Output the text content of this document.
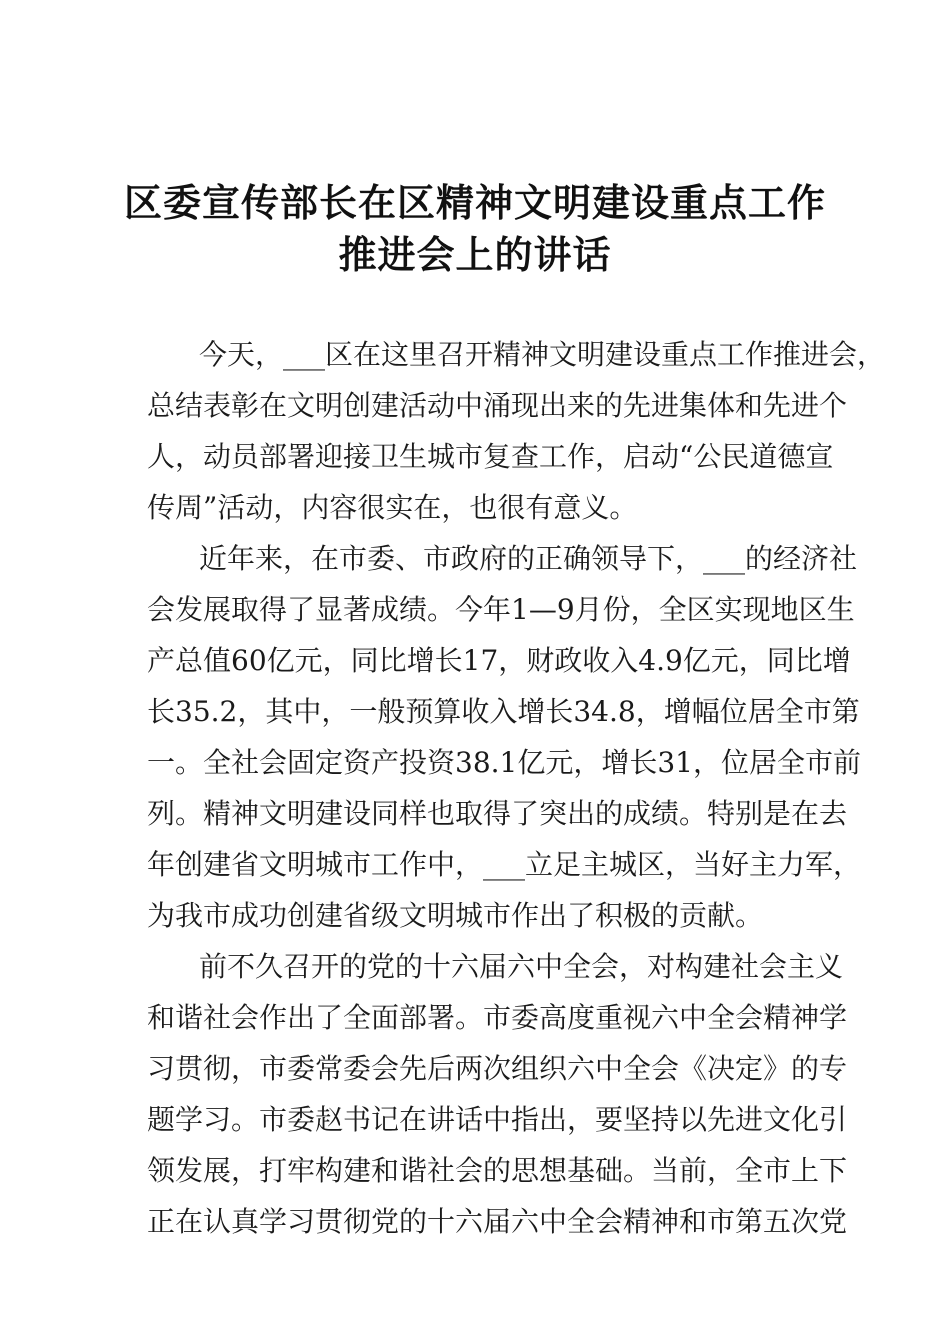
区委宣传部长在区精神文明建设重点工作
推进会上的讲话
今天，___区在这里召开精神文明建设重点工作推进会，
总结表彰在文明创建活动中涌现出来的先进集体和先进个
人，动员部署迎接卫生城市复查工作，启动“公民道德宣
传周”活动，内容很实在，也很有意义。
近年来，在市委、市政府的正确领导下，___的经济社
会发展取得了显著成绩。今年1—9月份，全区实现地区生
产总值60亿元，同比增长17，财政收入4.9亿元，同比增
长35.2，其中，一般预算收入增长34.8，增幅位居全市第
一。全社会固定资产投资38.1亿元，增长31，位居全市前
列。精神文明建设同样也取得了突出的成绩。特别是在去
年创建省文明城市工作中，___立足主城区，当好主力军，
为我市成功创建省级文明城市作出了积极的贡献。
前不久召开的党的十六届六中全会，对构建社会主义
和谐社会作出了全面部署。市委高度重视六中全会精神学
习贯彻，市委常委会先后两次组织六中全会《决定》的专
题学习。市委赵书记在讲话中指出，要坚持以先进文化引
领发展，打牢构建和谐社会的思想基础。当前，全市上下
正在认真学习贯彻党的十六届六中全会精神和市第五次党
